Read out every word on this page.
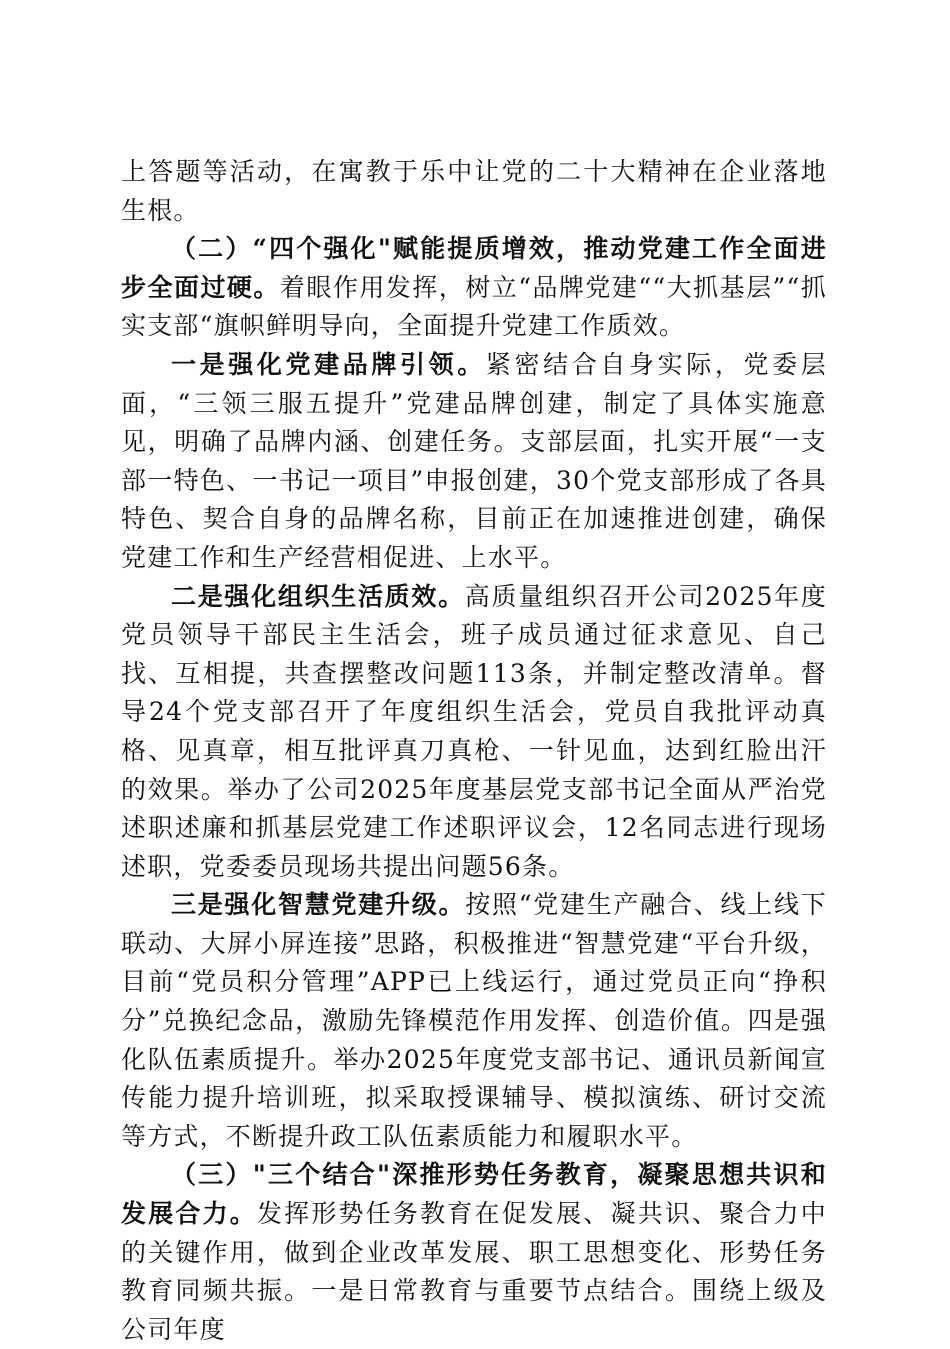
上答题等活动，在寓教于乐中让党的二十大精神在企业落地生根。

（二）“四个强化"赋能提质增效，推动党建工作全面进步全面过硬。着眼作用发挥，树立“品牌党建““大抓基层”“抓实支部“旗帜鲜明导向，全面提升党建工作质效。

一是强化党建品牌引领。紧密结合自身实际，党委层面，“三领三服五提升”党建品牌创建，制定了具体实施意见，明确了品牌内涵、创建任务。支部层面，扎实开展“一支部一特色、一书记一项目”申报创建，30个党支部形成了各具特色、契合自身的品牌名称，目前正在加速推进创建，确保党建工作和生产经营相促进、上水平。

二是强化组织生活质效。高质量组织召开公司2025年度党员领导干部民主生活会，班子成员通过征求意见、自己找、互相提，共查摆整改问题113条，并制定整改清单。督导24个党支部召开了年度组织生活会，党员自我批评动真格、见真章，相互批评真刀真枪、一针见血，达到红脸出汗的效果。举办了公司2025年度基层党支部书记全面从严治党述职述廉和抓基层党建工作述职评议会，12名同志进行现场述职，党委委员现场共提出问题56条。

三是强化智慧党建升级。按照“党建生产融合、线上线下联动、大屏小屏连接”思路，积极推进“智慧党建“平台升级，目前“党员积分管理”APP已上线运行，通过党员正向“挣积分”兑换纪念品，激励先锋模范作用发挥、创造价值。四是强化队伍素质提升。举办2025年度党支部书记、通讯员新闻宣传能力提升培训班，拟采取授课辅导、模拟演练、研讨交流等方式，不断提升政工队伍素质能力和履职水平。

（三）"三个结合"深推形势任务教育，凝聚思想共识和发展合力。发挥形势任务教育在促发展、凝共识、聚合力中的关键作用，做到企业改革发展、职工思想变化、形势任务教育同频共振。一是日常教育与重要节点结合。围绕上级及公司年度
